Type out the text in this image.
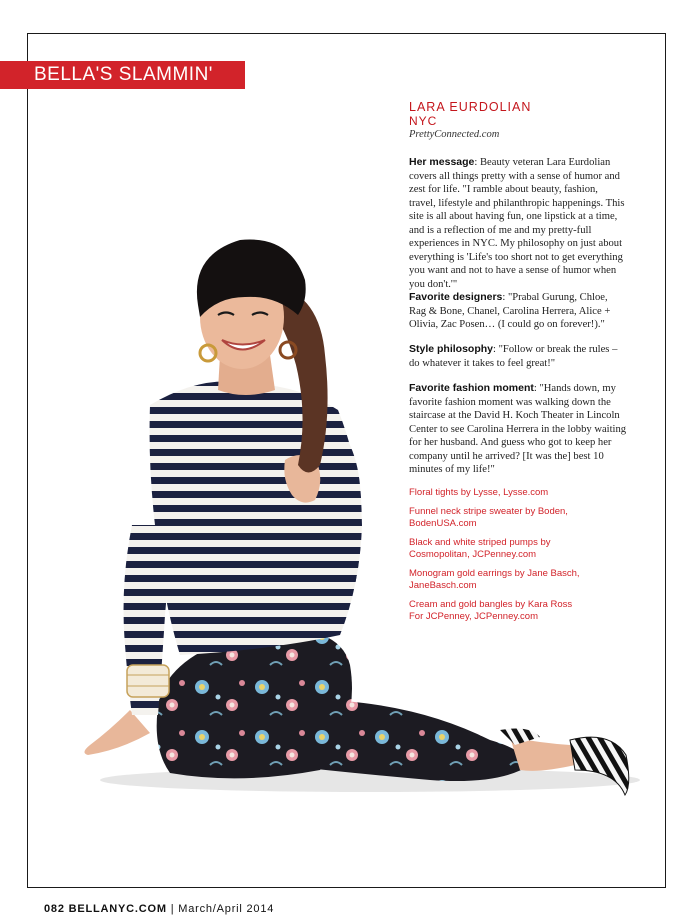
BELLA'S SLAMMIN' SIX	LARA EURDOLIAN
NYC
PrettyConnected.com
Her message: Beauty veteran Lara Eurdolian covers all things pretty with a sense of humor and zest for life. "I ramble about beauty, fashion, travel, lifestyle and philanthropic happenings. This site is all about having fun, one lipstick at a time, and is a reflection of me and my pretty-full experiences in NYC. My philosophy on just about everything is 'Life's too short not to get everything you want and not to have a sense of humor when you don't.'"
Favorite designers: "Prabal Gurung, Chloe, Rag & Bone, Chanel, Carolina Herrera, Alice + Olivia, Zac Posen… (I could go on forever!)."
Style philosophy: "Follow or break the rules – do whatever it takes to feel great!"
Favorite fashion moment: "Hands down, my favorite fashion moment was walking down the staircase at the David H. Koch Theater in Lincoln Center to see Carolina Herrera in the lobby waiting for her husband. And guess who got to keep her company until he arrived? [It was the] best 10 minutes of my life!"
Floral tights by Lysse, Lysse.com
Funnel neck stripe sweater by Boden, BodenUSA.com
Black and white striped pumps by Cosmopolitan, JCPenney.com
Monogram gold earrings by Jane Basch, JaneBasch.com
Cream and gold bangles by Kara Ross For JCPenney, JCPenney.com
082 BELLANYC.COM | March/April 2014
